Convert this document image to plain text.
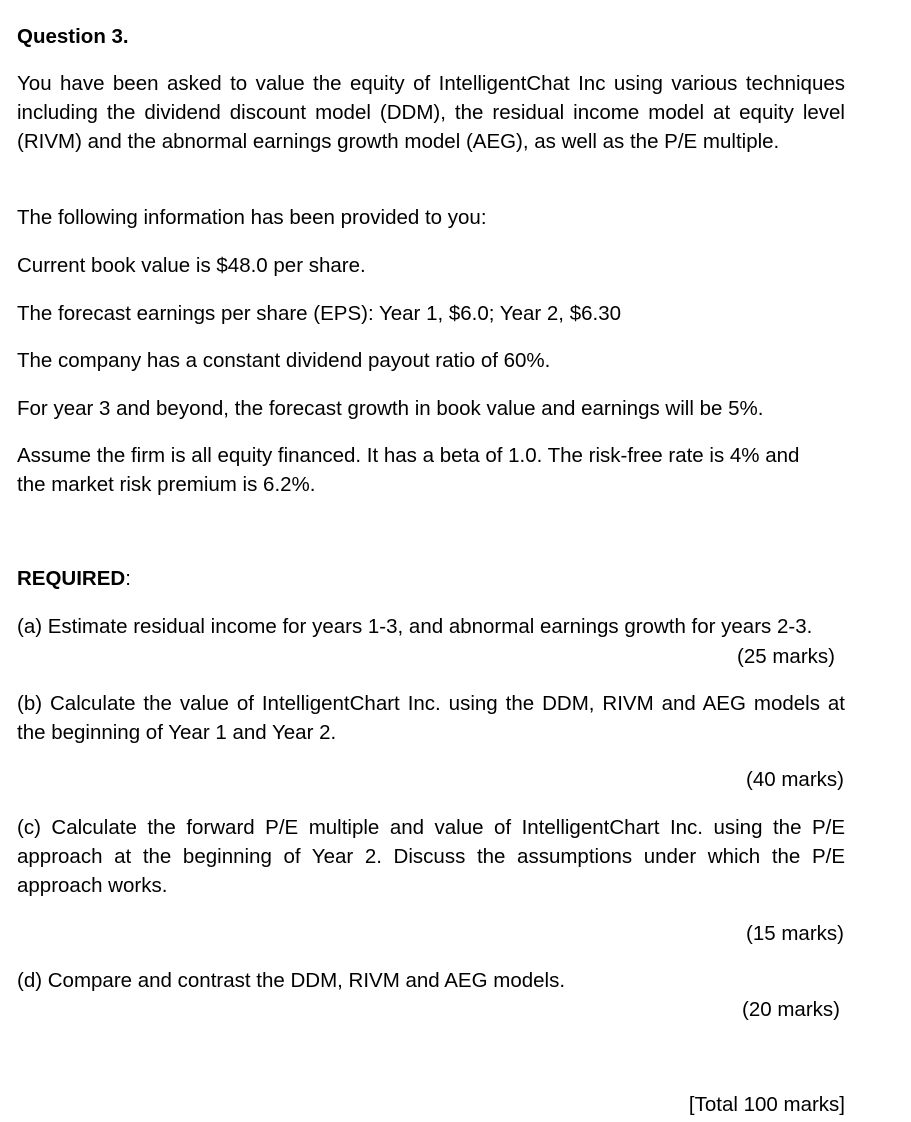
Question 3.

You have been asked to value the equity of IntelligentChat Inc using various techniques including the dividend discount model (DDM), the residual income model at equity level (RIVM) and the abnormal earnings growth model (AEG), as well as the P/E multiple.

The following information has been provided to you:

Current book value is $48.0 per share.

The forecast earnings per share (EPS): Year 1, $6.0; Year 2, $6.30

The company has a constant dividend payout ratio of 60%.

For year 3 and beyond, the forecast growth in book value and earnings will be 5%.

Assume the firm is all equity financed. It has a beta of 1.0. The risk-free rate is 4% and the market risk premium is 6.2%.

REQUIRED:

(a) Estimate residual income for years 1-3, and abnormal earnings growth for years 2-3.

(25 marks)

(b) Calculate the value of IntelligentChart Inc. using the DDM, RIVM and AEG models at the beginning of Year 1 and Year 2.

(40 marks)

(c) Calculate the forward P/E multiple and value of IntelligentChart Inc. using the P/E approach at the beginning of Year 2. Discuss the assumptions under which the P/E approach works.

(15 marks)

(d) Compare and contrast the DDM, RIVM and AEG models.

(20 marks)
[Total 100 marks]
